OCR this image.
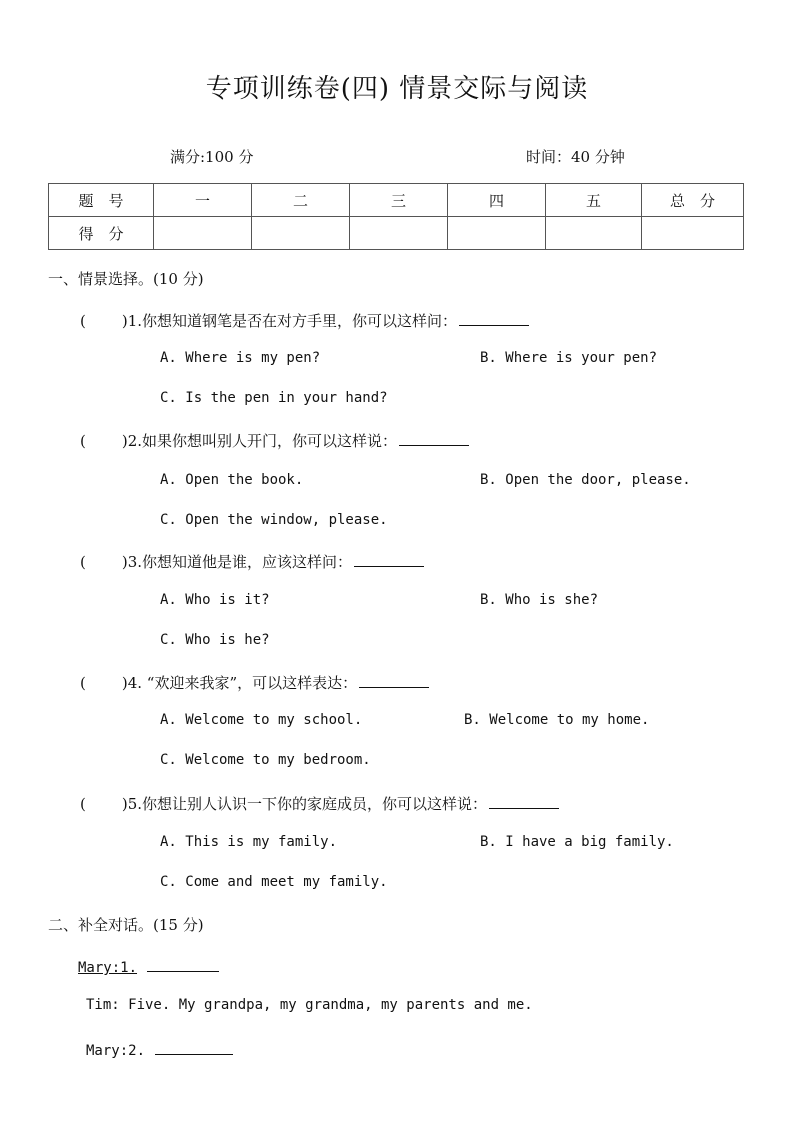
专项训练卷(四) 情景交际与阅读
满分:100 分	时间：40 分钟
题　号	一	二	三	四	五	总　分
得　分						
一、情景选择。(10 分)
( )1.你想知道钢笔是否在对方手里，你可以这样问：
A. Where is my pen?	B. Where is your pen?
C. Is the pen in your hand?
( )2.如果你想叫别人开门，你可以这样说：
A. Open the book.	B. Open the door, please.
C. Open the window, please.
( )3.你想知道他是谁，应该这样问：
A. Who is it?	B. Who is she?
C. Who is he?
( )4. “欢迎来我家”，可以这样表达：
A. Welcome to my school.	B. Welcome to my home.
C. Welcome to my bedroom.
( )5.你想让别人认识一下你的家庭成员，你可以这样说：
A. This is my family.	B. I have a big family.
C. Come and meet my family.
二、补全对话。(15 分)
Mary:1.
Tim: Five. My grandpa, my grandma, my parents and me.
Mary:2.
